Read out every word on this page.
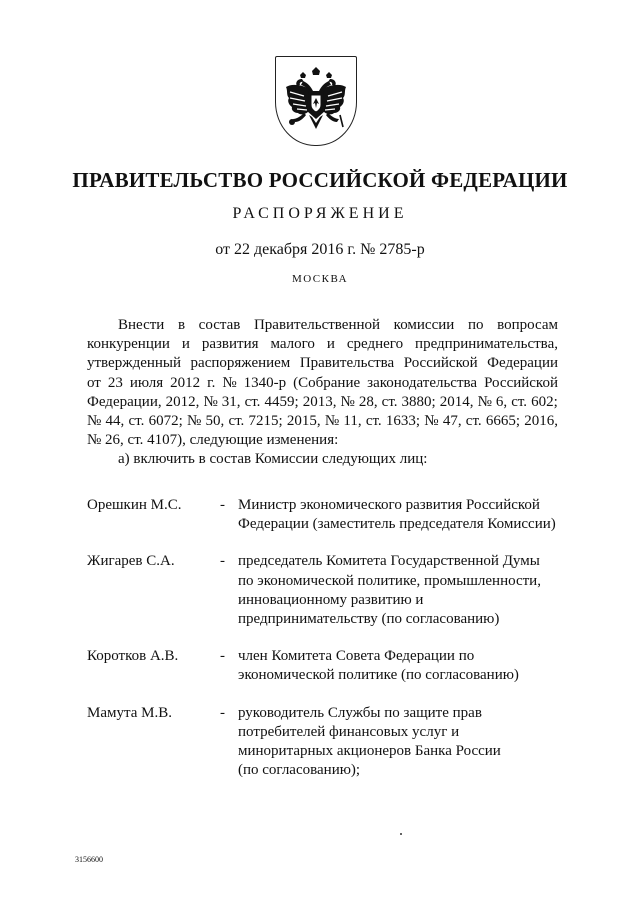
ПРАВИТЕЛЬСТВО РОССИЙСКОЙ ФЕДЕРАЦИИ
РАСПОРЯЖЕНИЕ
от 22 декабря 2016 г. № 2785-р
МОСКВА
Внести в состав Правительственной комиссии по вопросам
конкуренции и развития малого и среднего предпринимательства,
утвержденный распоряжением Правительства Российской Федерации
от 23 июля 2012 г. № 1340-р (Собрание законодательства Российской
Федерации, 2012, № 31, ст. 4459; 2013, № 28, ст. 3880; 2014, № 6, ст. 602;
№ 44, ст. 6072; № 50, ст. 7215; 2015, № 11, ст. 1633; № 47, ст. 6665; 2016,
№ 26, ст. 4107), следующие изменения:
а) включить в состав Комиссии следующих лиц:
Орешкин М.С.	- Министр экономического развития Российской
Федерации (заместитель председателя Комиссии)
Жигарев С.А.	- председатель Комитета Государственной Думы
по экономической политике, промышленности,
инновационному развитию и
предпринимательству (по согласованию)
Коротков А.В.	- член Комитета Совета Федерации по
экономической политике (по согласованию)
Мамута М.В.	- руководитель Службы по защите прав
потребителей финансовых услуг и
миноритарных акционеров Банка России
(по согласованию);
3156600
